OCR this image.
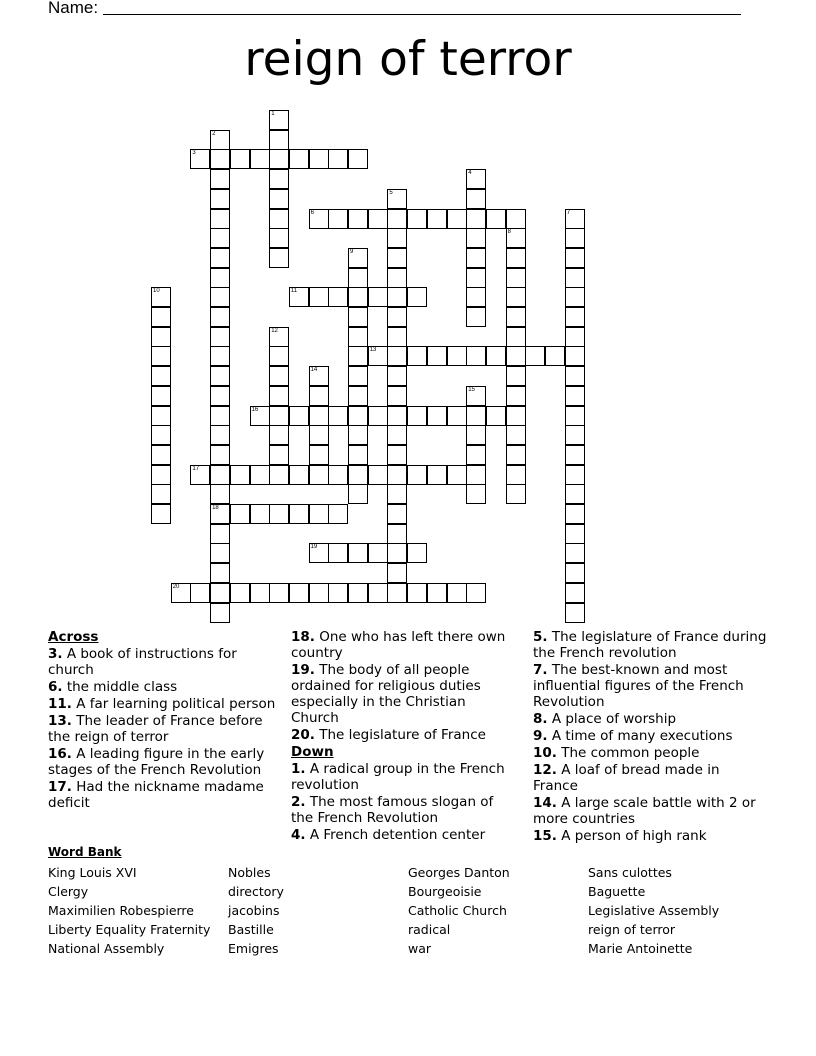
Name:
reign of terror
1
2
18
3
4
5
6	7
8
9
10	11
12
13
14
15
16
17
19
20
Across
3. A book of instructions for church
6. the middle class
11. A far learning political person
13. The leader of France before the reign of terror
16. A leading figure in the early stages of the French Revolution
17. Had the nickname madame deficit
18. One who has left there own country
19. The body of all people ordained for religious duties especially in the Christian Church
20. The legislature of France
Down
1. A radical group in the French revolution
2. The most famous slogan of the French Revolution
4. A French detention center
5. The legislature of France during the French revolution
7. The best-known and most influential figures of the French Revolution
8. A place of worship
9. A time of many executions
10. The common people
12. A loaf of bread made in France
14. A large scale battle with 2 or more countries
15. A person of high rank
Word Bank
King Louis XVI
Clergy
Maximilien Robespierre
Liberty Equality Fraternity
National Assembly
Nobles
directory
jacobins
Bastille
Emigres
Georges Danton
Bourgeoisie
Catholic Church
radical
war
Sans culottes
Baguette
Legislative Assembly
reign of terror
Marie Antoinette
